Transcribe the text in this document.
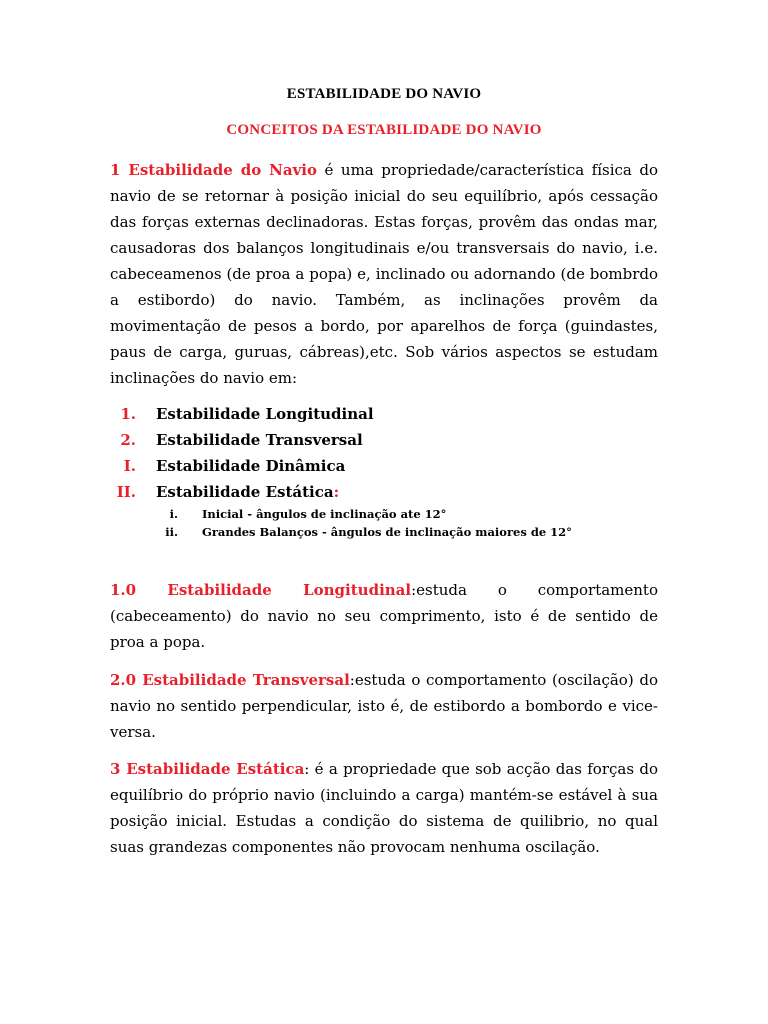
ESTABILIDADE DO NAVIO
CONCEITOS DA ESTABILIDADE DO NAVIO
1 Estabilidade do Navio é uma propriedade/característica física do navio de se retornar à posição inicial do seu equilíbrio, após cessação das forças externas declinadoras. Estas forças, provêm das ondas mar, causadoras dos balanços longitudinais e/ou transversais do navio, i.e. cabeceamenos (de proa a popa) e, inclinado ou adornando (de bombrdo a estibordo) do navio. Também, as inclinações provêm da movimentação de pesos a bordo, por aparelhos de força (guindastes, paus de carga, guruas, cábreas),etc. Sob vários aspectos se estudam inclinações do navio em:
1. Estabilidade Longitudinal
2. Estabilidade Transversal
I. Estabilidade Dinâmica
II. Estabilidade Estática:
i. Inicial - ângulos de inclinação ate 12°
ii. Grandes Balanços - ângulos de inclinação maiores de 12°
1.0 Estabilidade Longitudinal:estuda o comportamento (cabeceamento) do navio no seu comprimento, isto é de sentido de proa a popa.
2.0 Estabilidade Transversal:estuda o comportamento (oscilação) do navio no sentido perpendicular, isto é, de estibordo a bombordo e vice-versa.
3 Estabilidade Estática: é a propriedade que sob acção das forças do equilíbrio do próprio navio (incluindo a carga) mantém-se estável à sua posição inicial. Estudas a condição do sistema de quilibrio, no qual suas grandezas componentes não provocam nenhuma oscilação.
